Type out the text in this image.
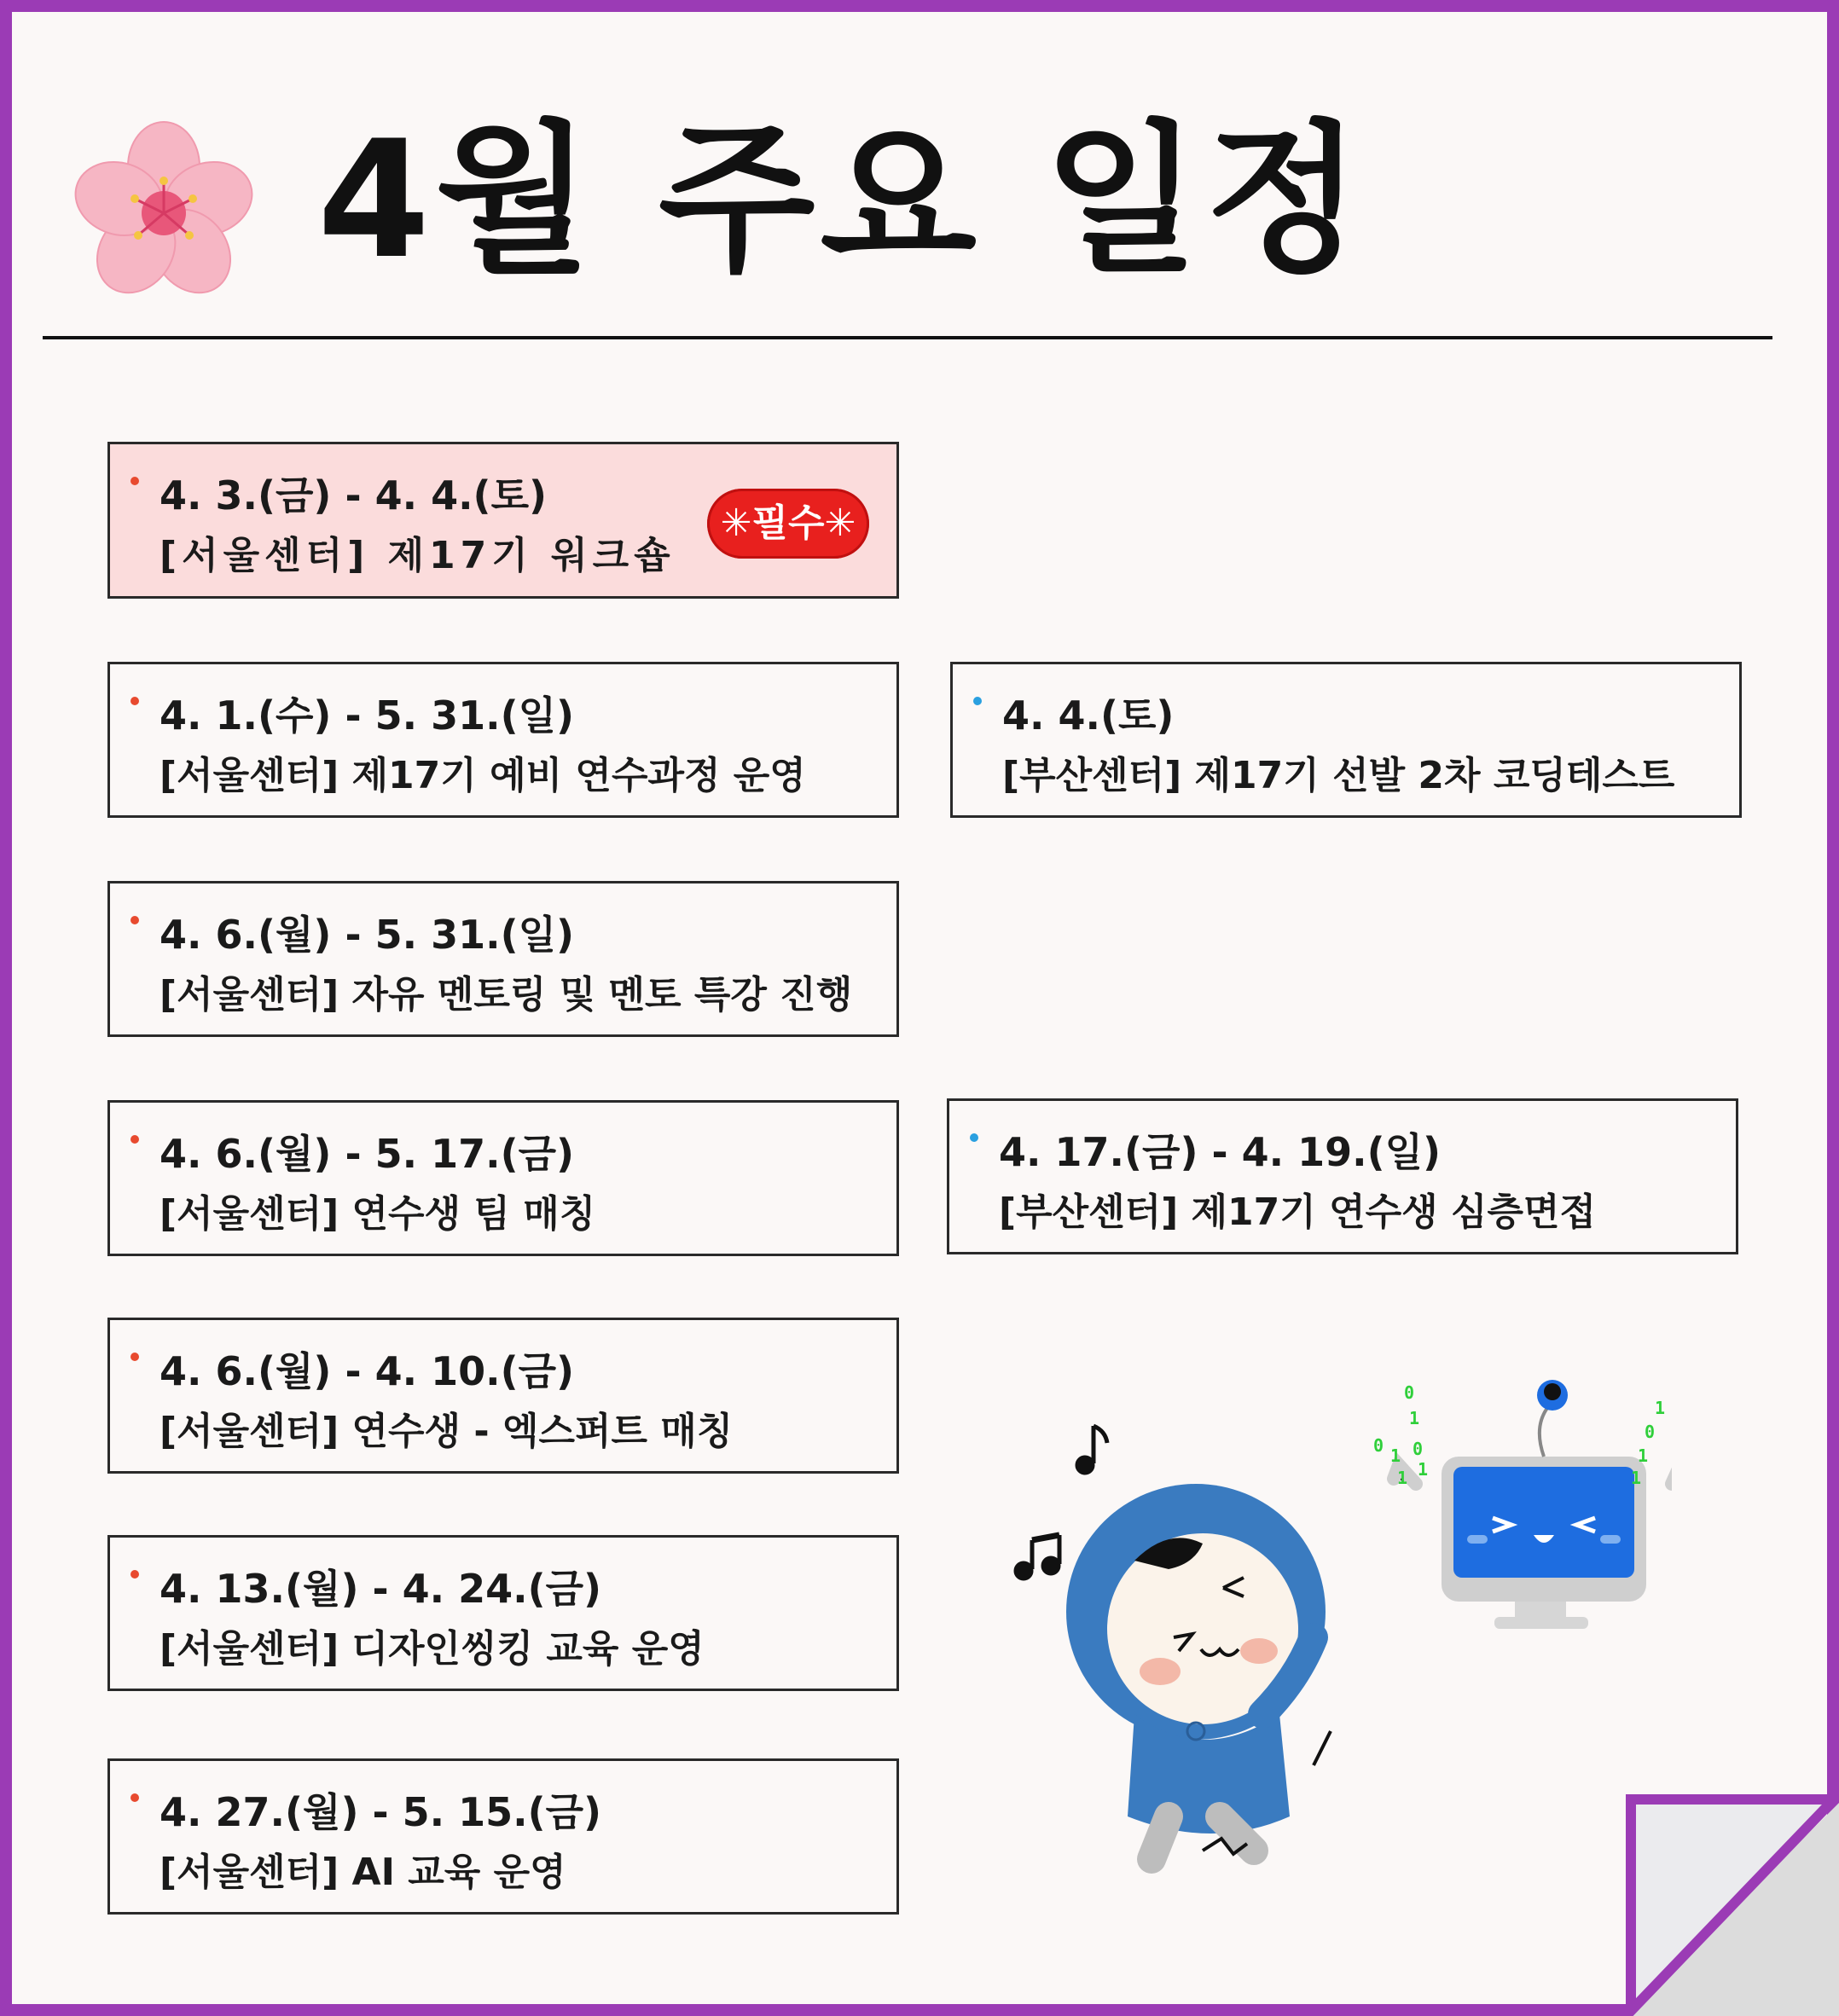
4월 주요 일정
4. 3.(금) - 4. 4.(토)
[서울센터] 제17기 워크숍
✳필수✳
4. 1.(수) - 5. 31.(일)
[서울센터] 제17기 예비 연수과정 운영
4. 4.(토)
[부산센터] 제17기 선발 2차 코딩테스트
4. 6.(월) - 5. 31.(일)
[서울센터] 자유 멘토링 및 멘토 특강 진행
4. 6.(월) - 5. 17.(금)
[서울센터] 연수생 팀 매칭
4. 17.(금) - 4. 19.(일)
[부산센터] 제17기 연수생 심층면접
4. 6.(월) - 4. 10.(금)
[서울센터] 연수생 - 엑스퍼트 매칭
4. 13.(월) - 4. 24.(금)
[서울센터] 디자인씽킹 교육 운영
4. 27.(월) - 5. 15.(금)
[서울센터] AI 교육 운영
0
1
0 1 0
1 1
1
0
1
1
